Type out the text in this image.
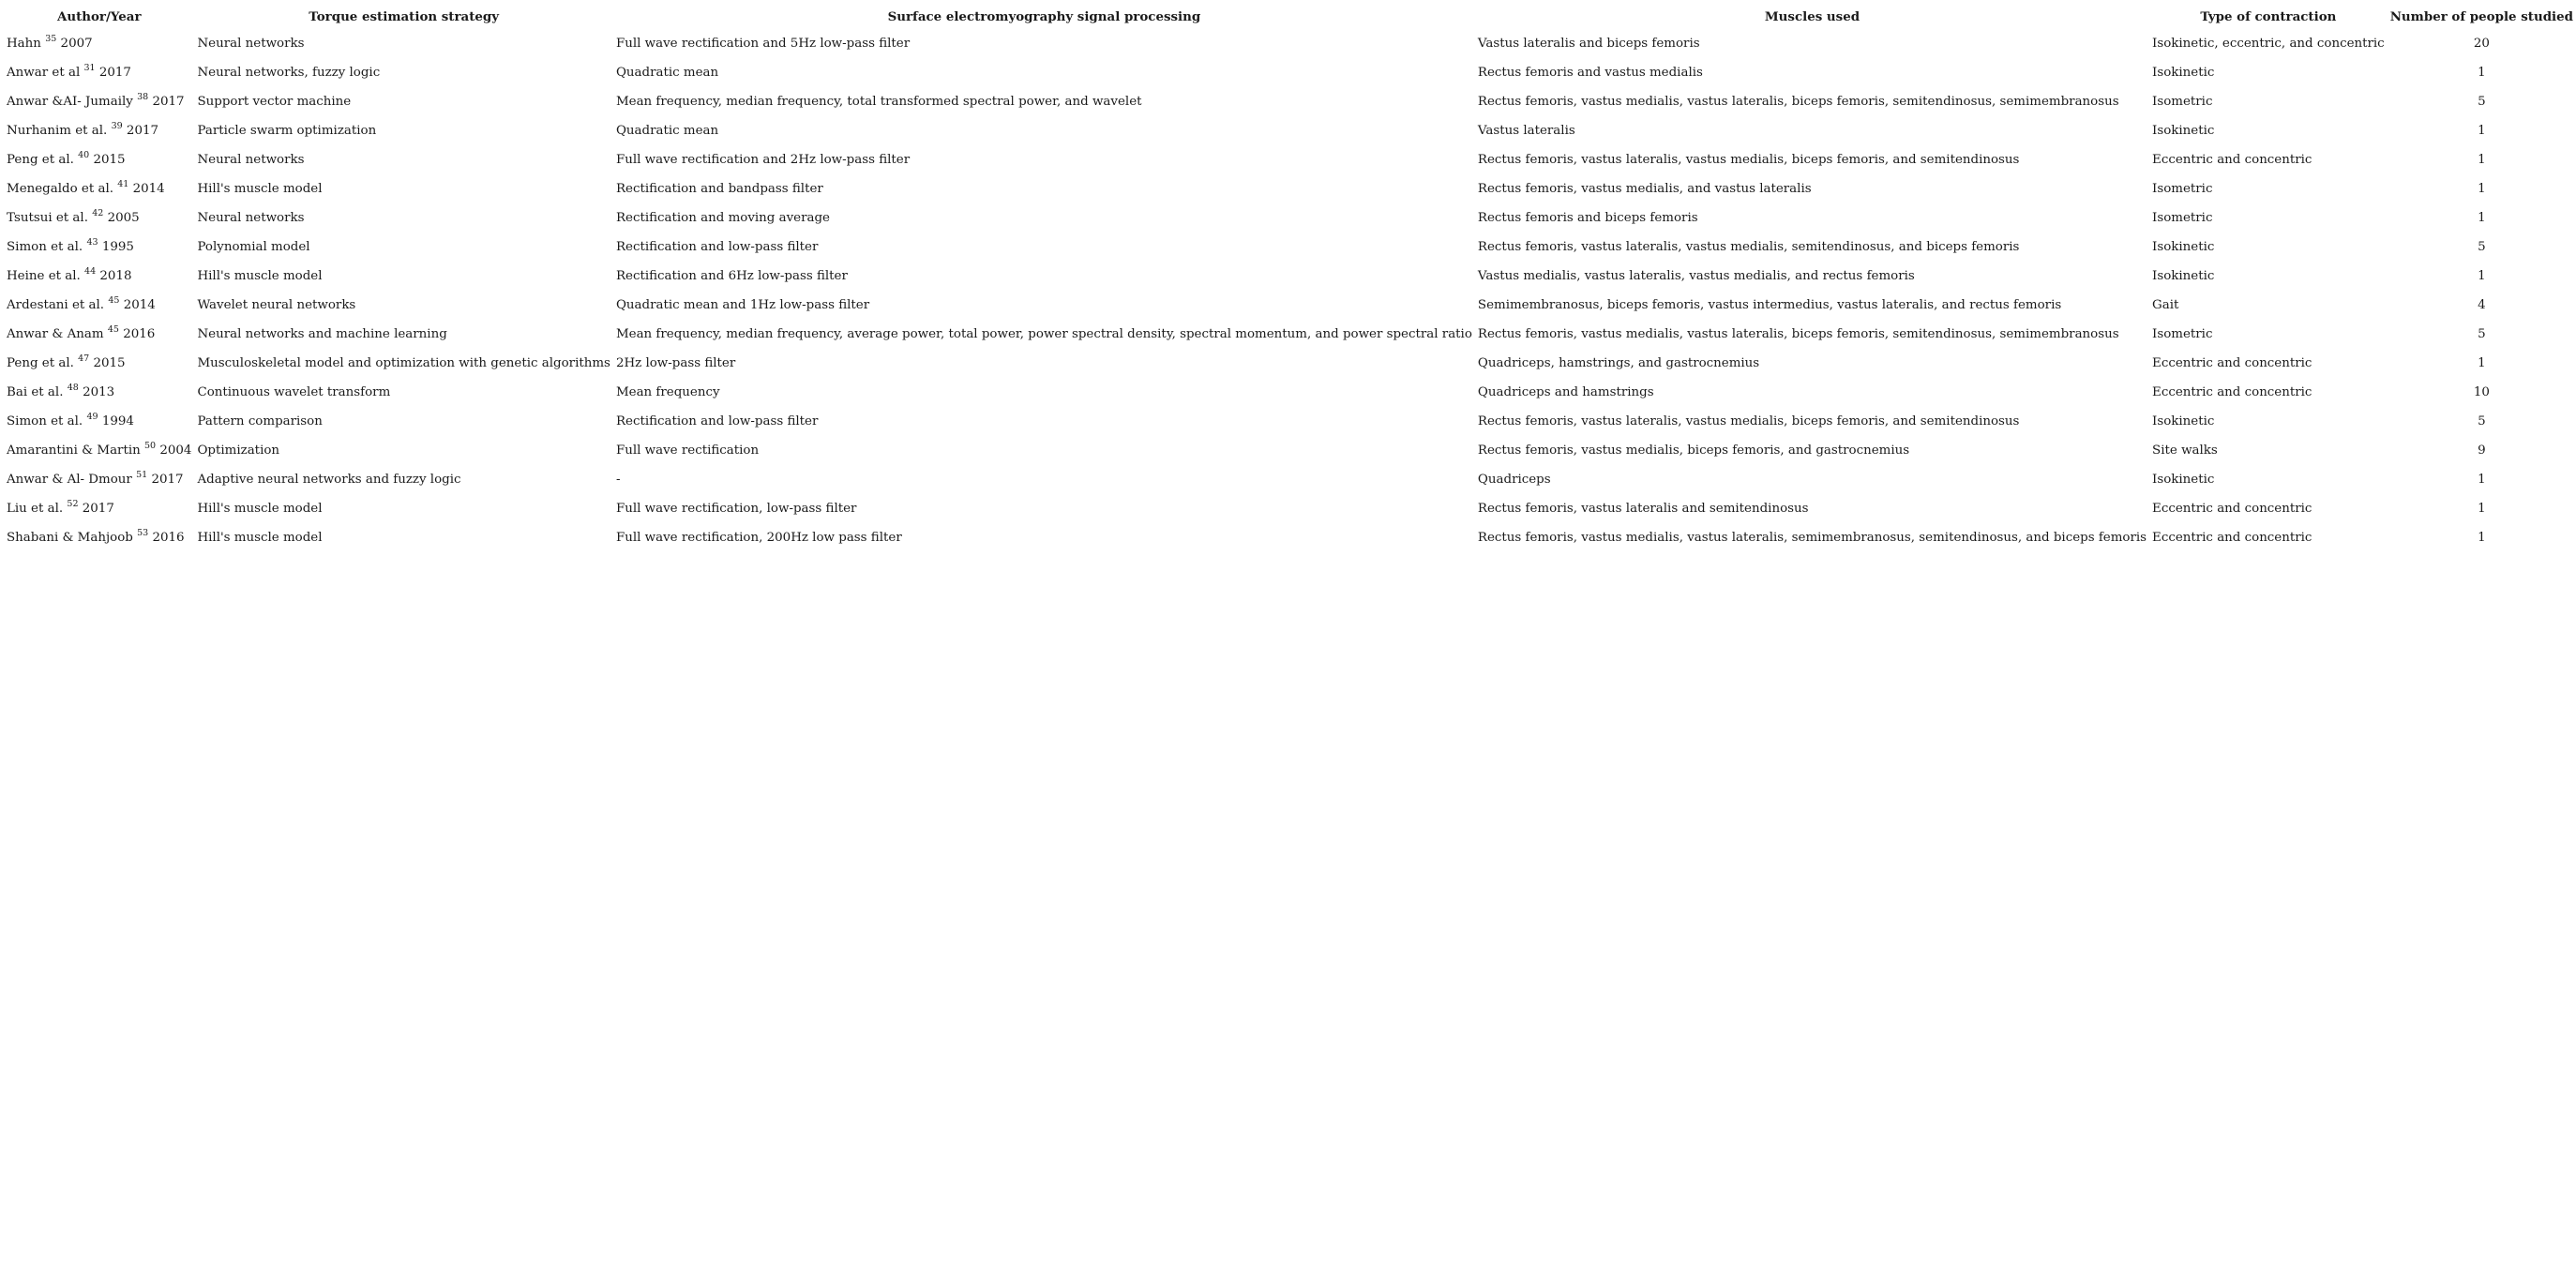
Author/Year	Torque estimation strategy	Surface electromyography signal processing	Muscles used	Type of contraction	Number of people studied
Hahn $^{35}$ 2007	Neural networks	Full wave rectification and 5Hz low-pass filter	Vastus lateralis and biceps femoris	Isokinetic, eccentric, and concentric	20
Anwar et al $^{31}$ 2017	Neural networks, fuzzy logic	Quadratic mean	Rectus femoris and vastus medialis	Isokinetic	1
Anwar &AI- Jumaily $^{38}$ 2017	Support vector machine	Mean frequency, median frequency, total transformed spectral power, and wavelet	Rectus femoris, vastus medialis, vastus lateralis, biceps femoris, semitendinosus, semimembranosus	Isometric	5
Nurhanim et al. $^{39}$ 2017	Particle swarm optimization	Quadratic mean	Vastus lateralis	Isokinetic	1
Peng et al. $^{40}$ 2015	Neural networks	Full wave rectification and 2Hz low-pass filter	Rectus femoris, vastus lateralis, vastus medialis, biceps femoris, and semitendinosus	Eccentric and concentric	1
Menegaldo et al. $^{41}$ 2014	Hill's muscle model	Rectification and bandpass filter	Rectus femoris, vastus medialis, and vastus lateralis	Isometric	1
Tsutsui et al. $^{42}$ 2005	Neural networks	Rectification and moving average	Rectus femoris and biceps femoris	Isometric	1
Simon et al. $^{43}$ 1995	Polynomial model	Rectification and low-pass filter	Rectus femoris, vastus lateralis, vastus medialis, semitendinosus, and biceps femoris	Isokinetic	5
Heine et al. $^{44}$ 2018	Hill's muscle model	Rectification and 6Hz low-pass filter	Vastus medialis, vastus lateralis, vastus medialis, and rectus femoris	Isokinetic	1
Ardestani et al. $^{45}$ 2014	Wavelet neural networks	Quadratic mean and 1Hz low-pass filter	Semimembranosus, biceps femoris, vastus intermedius, vastus lateralis, and rectus femoris	Gait	4
Anwar & Anam $^{45}$ 2016	Neural networks and machine learning	Mean frequency, median frequency, average power, total power, power spectral density, spectral momentum, and power spectral ratio	Rectus femoris, vastus medialis, vastus lateralis, biceps femoris, semitendinosus, semimembranosus	Isometric	5
Peng et al. $^{47}$ 2015	Musculoskeletal model and optimization with genetic algorithms	2Hz low-pass filter	Quadriceps, hamstrings, and gastrocnemius	Eccentric and concentric	1
Bai et al. $^{48}$ 2013	Continuous wavelet transform	Mean frequency	Quadriceps and hamstrings	Eccentric and concentric	10
Simon et al. $^{49}$ 1994	Pattern comparison	Rectification and low-pass filter	Rectus femoris, vastus lateralis, vastus medialis, biceps femoris, and semitendinosus	Isokinetic	5
Amarantini & Martin $^{50}$ 2004	Optimization	Full wave rectification	Rectus femoris, vastus medialis, biceps femoris, and gastrocnemius	Site walks	9
Anwar & Al- Dmour $^{51}$ 2017	Adaptive neural networks and fuzzy logic	-	Quadriceps	Isokinetic	1
Liu et al. $^{52}$ 2017	Hill's muscle model	Full wave rectification, low-pass filter	Rectus femoris, vastus lateralis and semitendinosus	Eccentric and concentric	1
Shabani & Mahjoob $^{53}$ 2016	Hill's muscle model	Full wave rectification, 200Hz low pass filter	Rectus femoris, vastus medialis, vastus lateralis, semimembranosus, semitendinosus, and biceps femoris	Eccentric and concentric	1
